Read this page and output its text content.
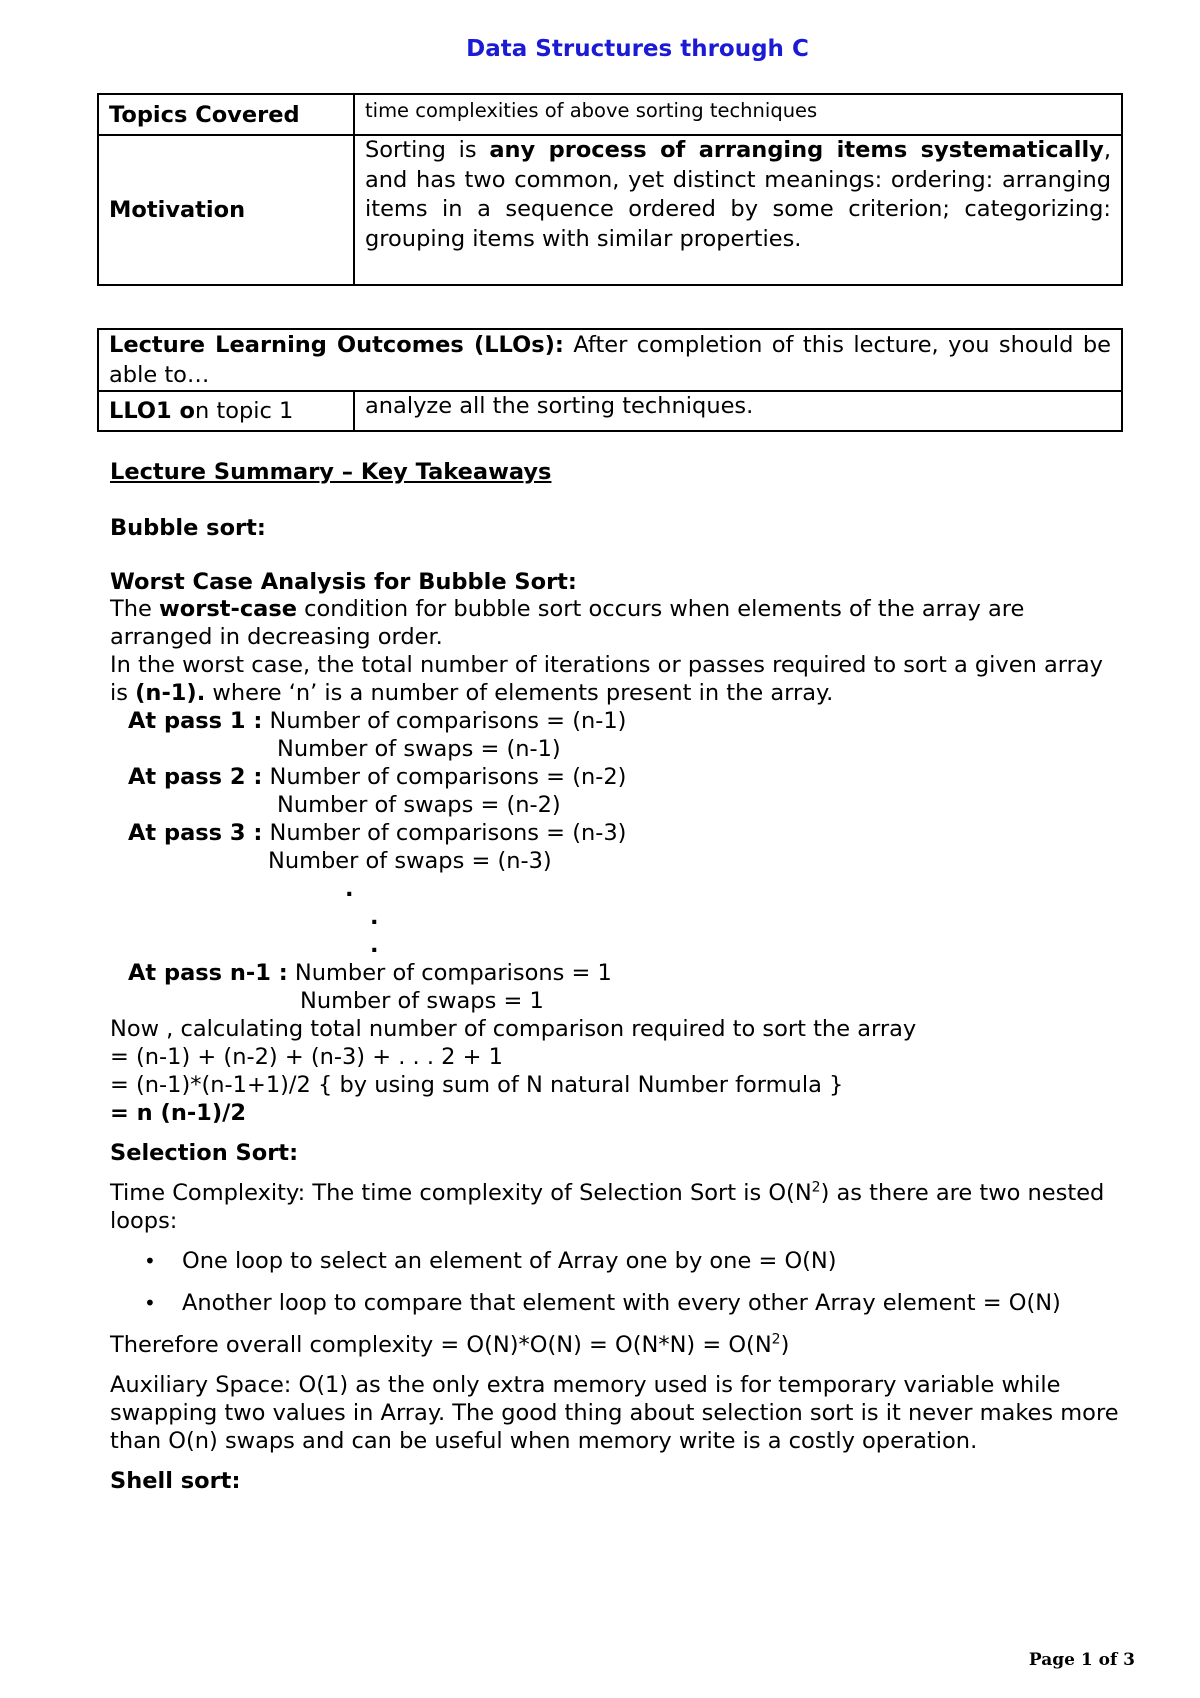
Data Structures through C
Topics Covered	time complexities of above sorting techniques
Motivation	Sorting is any process of arranging items systematically, and has two common, yet distinct meanings: ordering: arranging items in a sequence ordered by some criterion; categorizing: grouping items with similar properties.
Lecture Learning Outcomes (LLOs): After completion of this lecture, you should be able to…
LLO1 on topic 1	analyze all the sorting techniques.

Lecture Summary – Key Takeaways

Bubble sort:

Worst Case Analysis for Bubble Sort:

The worst-case condition for bubble sort occurs when elements of the array are arranged in decreasing order.

In the worst case, the total number of iterations or passes required to sort a given array is (n-1). where ‘n’ is a number of elements present in the array.

At pass 1 : Number of comparisons = (n-1)

Number of swaps = (n-1)

At pass 2 : Number of comparisons = (n-2)

Number of swaps = (n-2)

At pass 3 : Number of comparisons = (n-3)

Number of swaps = (n-3)

.

.

.

At pass n-1 : Number of comparisons = 1

Number of swaps = 1

Now , calculating total number of comparison required to sort the array

= (n-1) + (n-2) + (n-3) + . . . 2 + 1

= (n-1)*(n-1+1)/2 { by using sum of N natural Number formula }

= n (n-1)/2

Selection Sort:

Time Complexity: The time complexity of Selection Sort is $O(N^2)$ as there are two nested loops:

• One loop to select an element of Array one by one = O(N)
• Another loop to compare that element with every other Array element = O(N)

Therefore overall complexity = $O(N)*O(N) = O(N*N) = O(N^2)$

Auxiliary Space: O(1) as the only extra memory used is for temporary variable while swapping two values in Array. The good thing about selection sort is it never makes more than O(n) swaps and can be useful when memory write is a costly operation.

Shell sort:

Page 1 of 3
